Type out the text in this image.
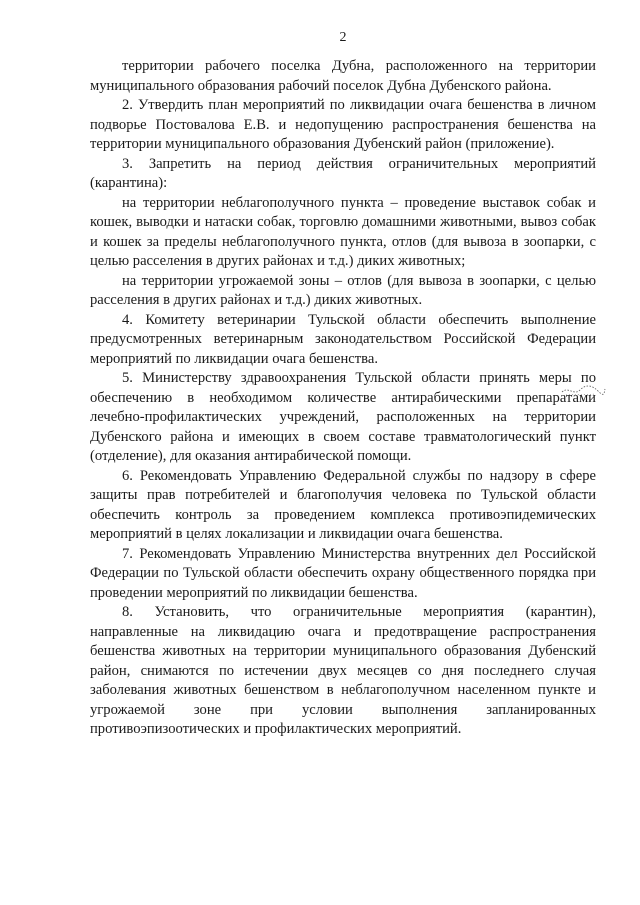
2

территории рабочего поселка Дубна, расположенного на территории муниципального образования рабочий поселок Дубна Дубенского района.

2. Утвердить план мероприятий по ликвидации очага бешенства в личном подворье Постовалова Е.В. и недопущению распространения бешенства на территории муниципального образования Дубенский район (приложение).

3. Запретить на период действия ограничительных мероприятий (карантина):

на территории неблагополучного пункта – проведение выставок собак и кошек, выводки и натаски собак, торговлю домашними животными, вывоз собак и кошек за пределы неблагополучного пункта, отлов (для вывоза в зоопарки, с целью расселения в других районах и т.д.) диких животных;

на территории угрожаемой зоны – отлов (для вывоза в зоопарки, с целью расселения в других районах и т.д.) диких животных.

4. Комитету ветеринарии Тульской области обеспечить выполнение предусмотренных ветеринарным законодательством Российской Федерации мероприятий по ликвидации очага бешенства.

5. Министерству здравоохранения Тульской области принять меры по обеспечению в необходимом количестве антирабическими препаратами лечебно-профилактических учреждений, расположенных на территории Дубенского района и имеющих в своем составе травматологический пункт (отделение), для оказания антирабической помощи.

6. Рекомендовать Управлению Федеральной службы по надзору в сфере защиты прав потребителей и благополучия человека по Тульской области обеспечить контроль за проведением комплекса противоэпидемических мероприятий в целях локализации и ликвидации очага бешенства.

7. Рекомендовать Управлению Министерства внутренних дел Российской Федерации по Тульской области обеспечить охрану общественного порядка при проведении мероприятий по ликвидации бешенства.

8. Установить, что ограничительные мероприятия (карантин), направленные на ликвидацию очага и предотвращение распространения бешенства животных на территории муниципального образования Дубенский район, снимаются по истечении двух месяцев со дня последнего случая заболевания животных бешенством в неблагополучном населенном пункте и угрожаемой зоне при условии выполнения запланированных противоэпизоотических и профилактических мероприятий.
